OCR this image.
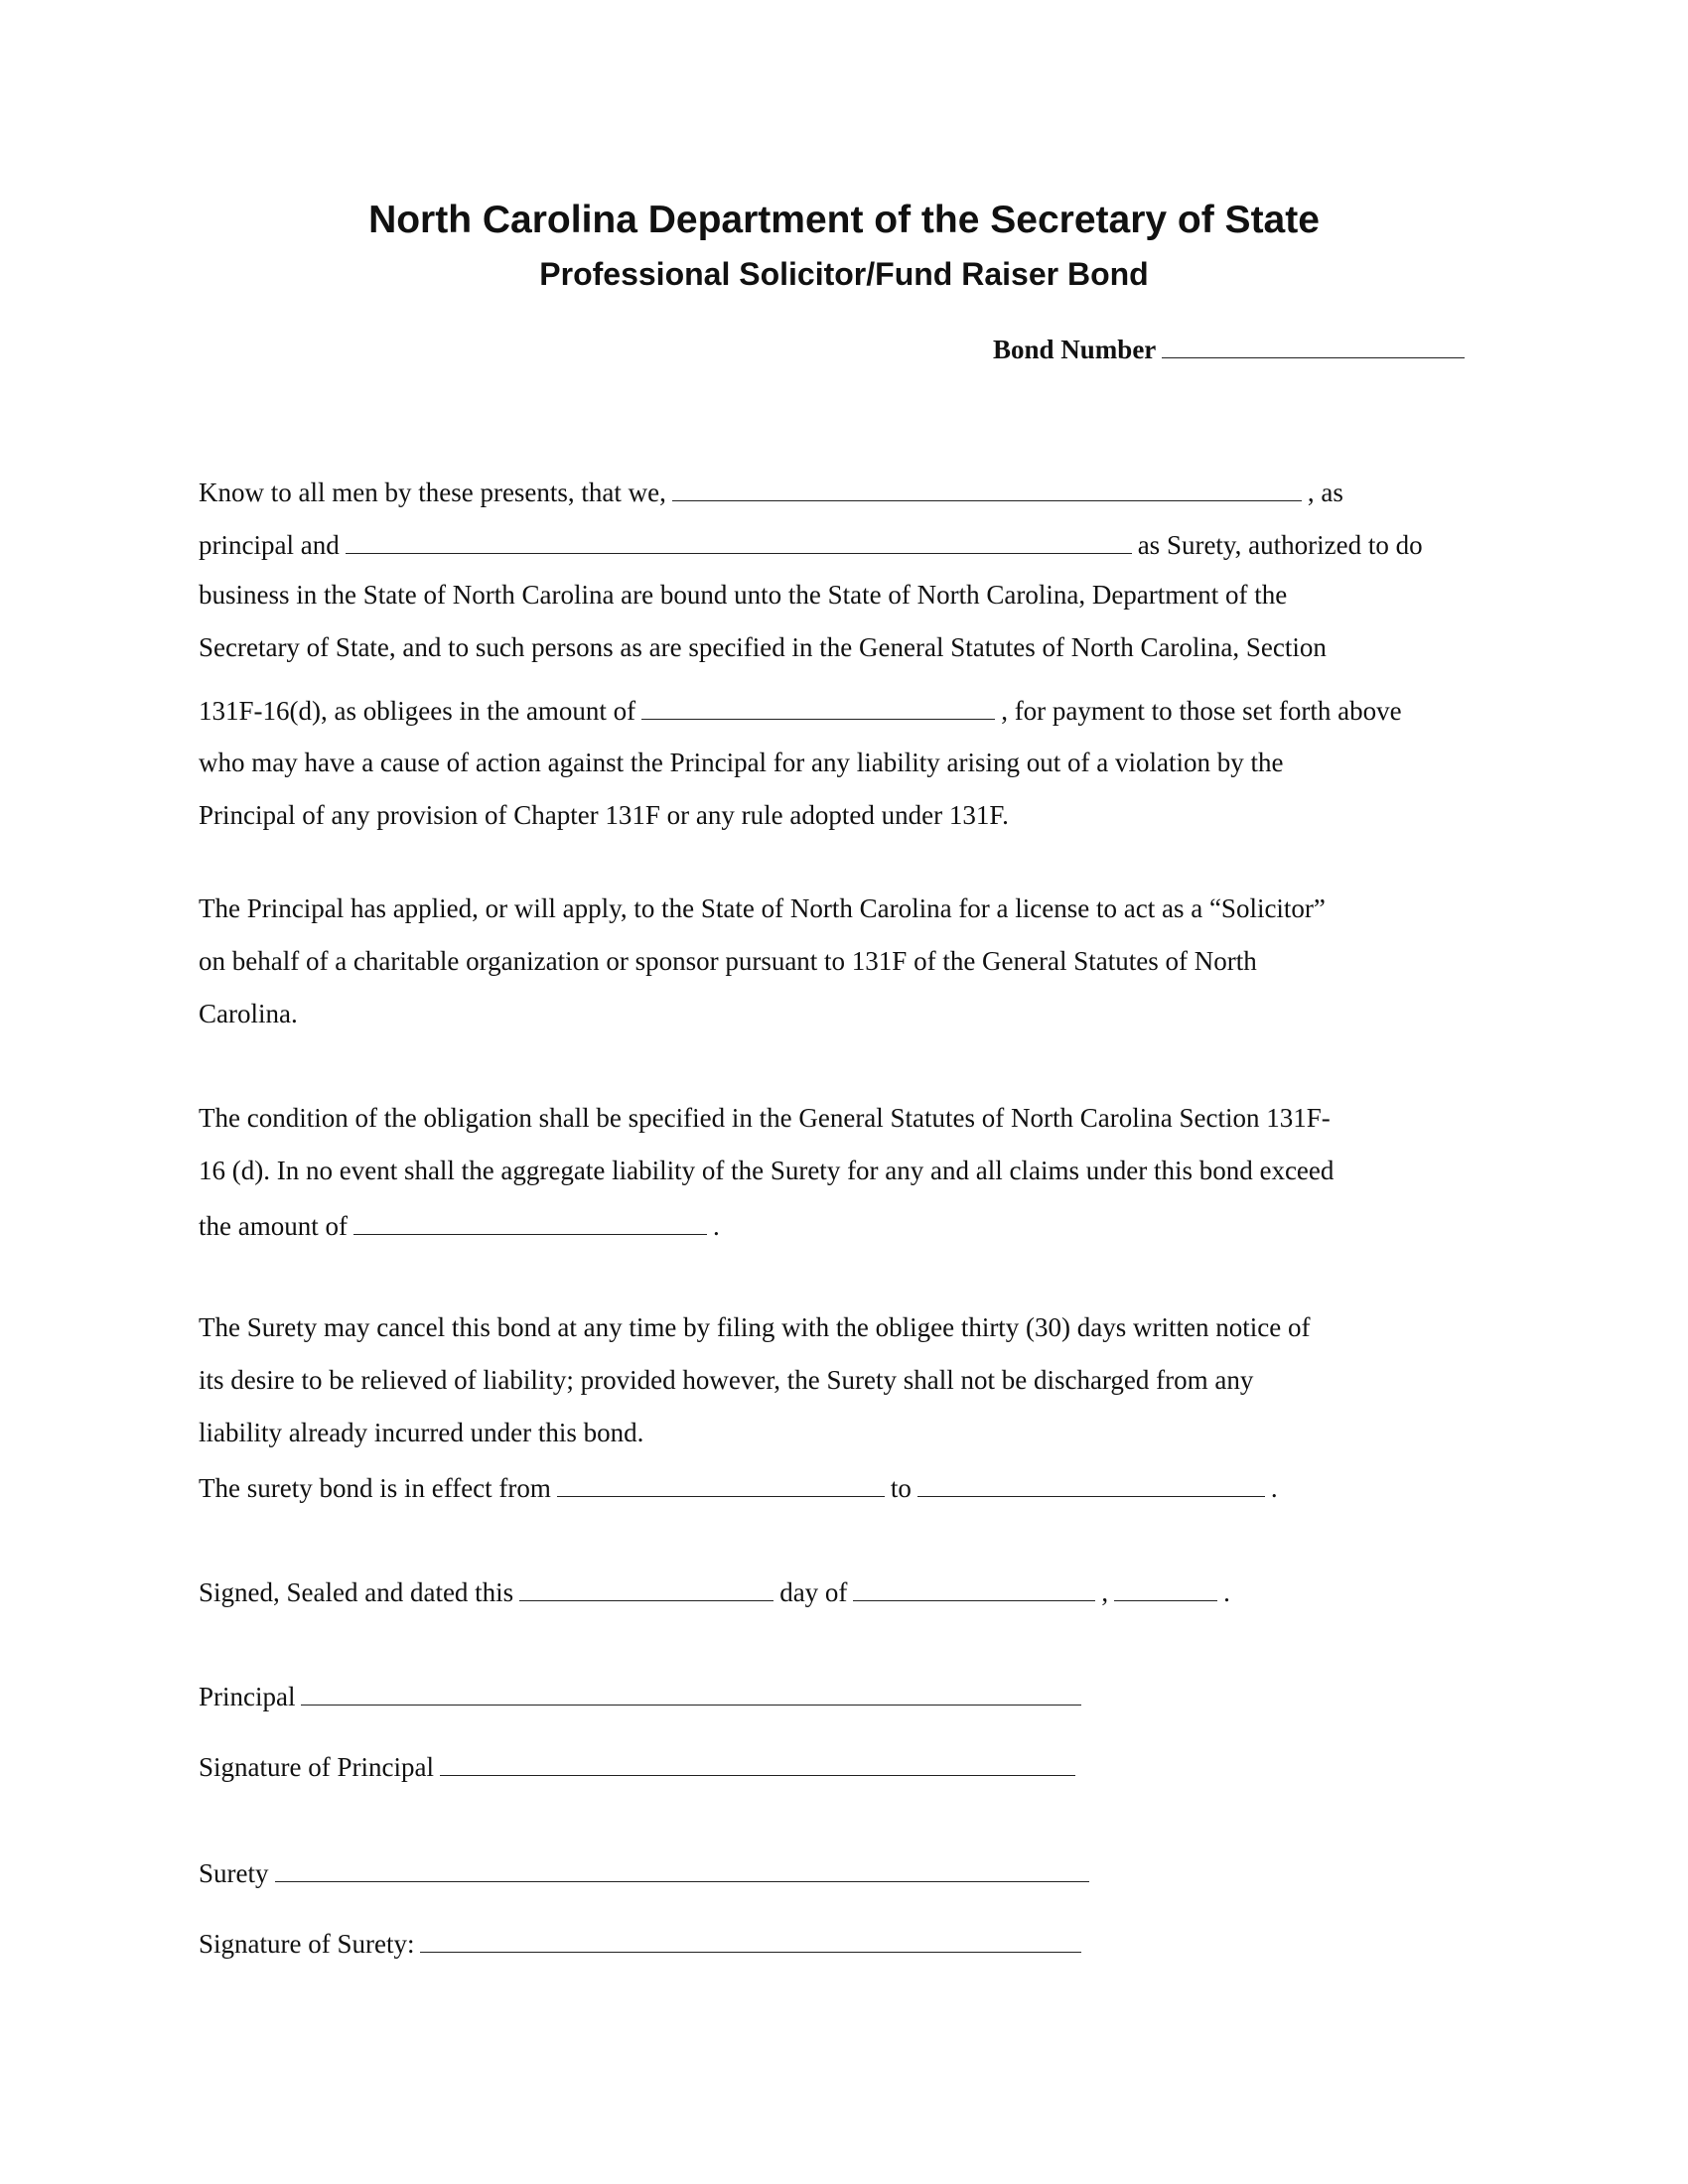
North Carolina Department of the Secretary of State
Professional Solicitor/Fund Raiser Bond
Bond Number
Know to all men by these presents, that we,	, as
principal and	as Surety, authorized to do
business in the State of North Carolina are bound unto the State of North Carolina, Department of the
Secretary of State, and to such persons as are specified in the General Statutes of North Carolina, Section
131F-16(d), as obligees in the amount of	, for payment to those set forth above
who may have a cause of action against the Principal for any liability arising out of a violation by the
Principal of any provision of Chapter 131F or any rule adopted under 131F.
The Principal has applied, or will apply, to the State of North Carolina for a license to act as a “Solicitor”
on behalf of a charitable organization or sponsor pursuant to 131F of the General Statutes of North
Carolina.
The condition of the obligation shall be specified in the General Statutes of North Carolina Section 131F-
16 (d). In no event shall the aggregate liability of the Surety for any and all claims under this bond exceed
the amount of	.
The Surety may cancel this bond at any time by filing with the obligee thirty (30) days written notice of
its desire to be relieved of liability; provided however, the Surety shall not be discharged from any
liability already incurred under this bond.
The surety bond is in effect from	to	.
Signed, Sealed and dated this	day of	,	.
Principal
Signature of Principal
Surety
Signature of Surety:
